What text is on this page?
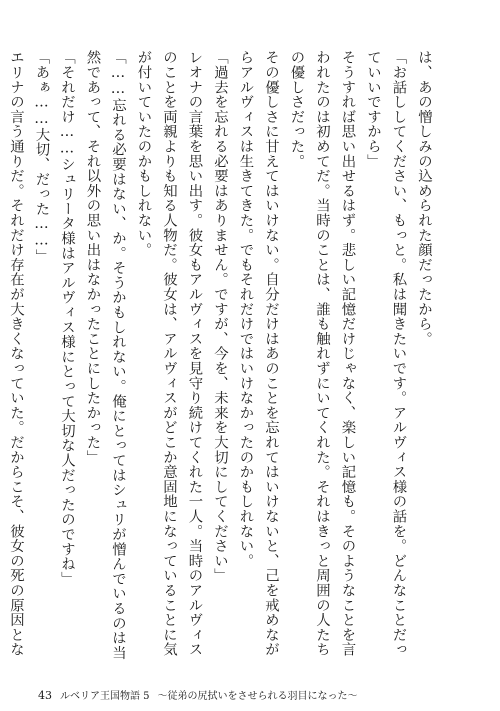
は、あの憎しみの込められた顔だったから。

「お話ししてください、もっと。私は聞きたいです。アルヴィス様の話を。どんなことだっていいですから」

そうすれば思い出せるはず。悲しい記憶だけじゃなく、楽しい記憶も。そのようなことを言われたのは初めてだ。当時のことは、誰も触れずにいてくれた。それはきっと周囲の人たちの優しさだった。

その優しさに甘えてはいけない。自分だけはあのことを忘れてはいけないと、己を戒めながらアルヴィスは生きてきた。でもそれだけではいけなかったのかもしれない。

「過去を忘れる必要はありません。ですが、今を、未来を大切にしてください」

レオナの言葉を思い出す。彼女もアルヴィスを見守り続けてくれた一人。当時のアルヴィスのことを両親よりも知る人物だ。彼女は、アルヴィスがどこか意固地になっていることに気が付いていたのかもしれない。

「……忘れる必要はない、か。そうかもしれない。俺にとってはシュリが憎んでいるのは当然であって、それ以外の思い出はなかったことにしたかった」

「それだけ……シュリータ様はアルヴィス様にとって大切な人だったのですね」

「あぁ……大切、だった……」

エリナの言う通りだ。それだけ存在が大きくなっていた。だからこそ、彼女の死の原因とな

43 ルベリア王国物語 5 ～従弟の尻拭いをさせられる羽目になった～
